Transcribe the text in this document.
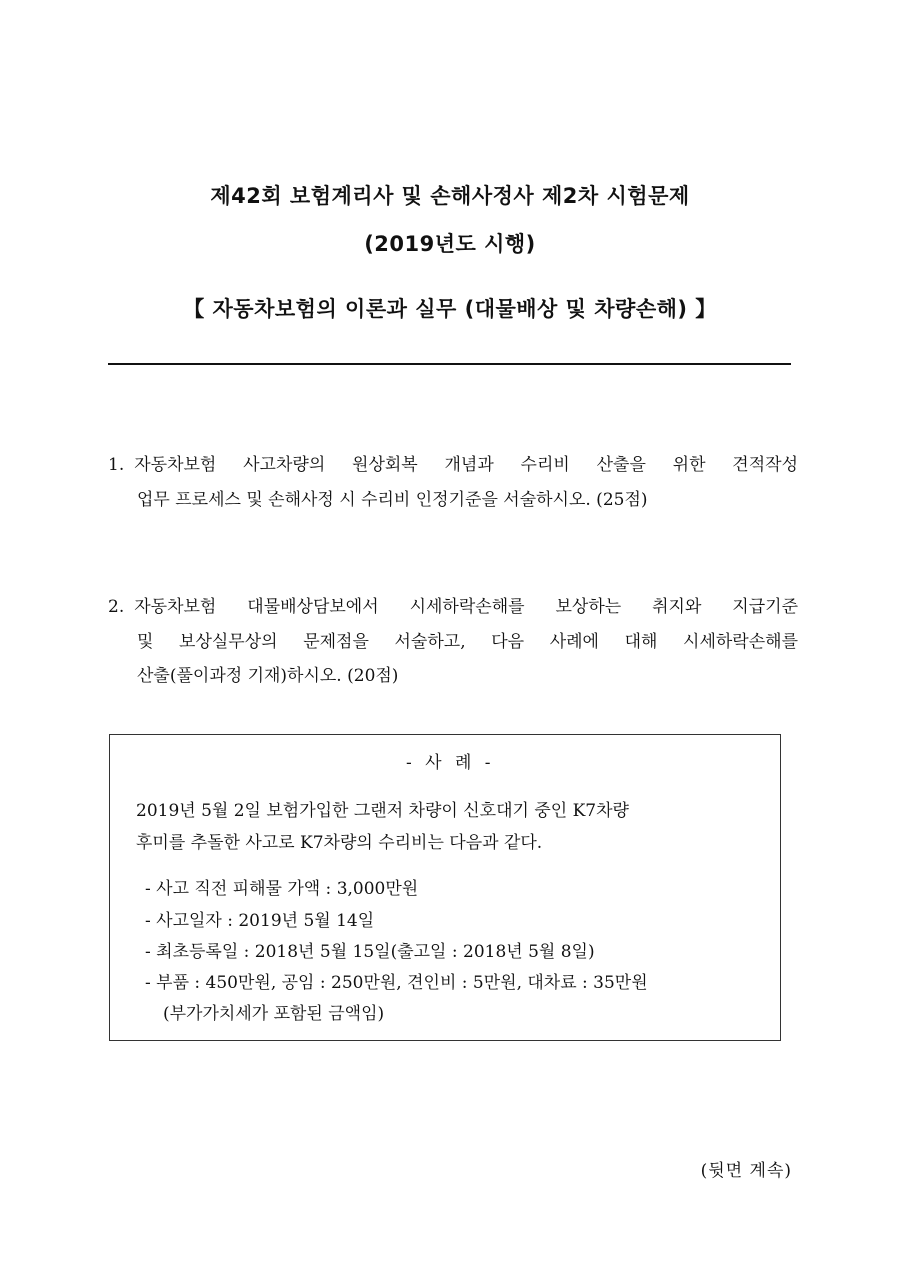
제42회 보험계리사 및 손해사정사 제2차 시험문제
(2019년도 시행)
【 자동차보험의 이론과 실무 (대물배상 및 차량손해) 】
1. 자동차보험 사고차량의 원상회복 개념과 수리비 산출을 위한 견적작성
업무 프로세스 및 손해사정 시 수리비 인정기준을 서술하시오. (25점)
2. 자동차보험 대물배상담보에서 시세하락손해를 보상하는 취지와 지급기준
및 보상실무상의 문제점을 서술하고, 다음 사례에 대해 시세하락손해를
산출(풀이과정 기재)하시오. (20점)
- 사 례 -
2019년 5월 2일 보험가입한 그랜저 차량이 신호대기 중인 K7차량
후미를 추돌한 사고로 K7차량의 수리비는 다음과 같다.
- 사고 직전 피해물 가액 : 3,000만원
- 사고일자 : 2019년 5월 14일
- 최초등록일 : 2018년 5월 15일(출고일 : 2018년 5월 8일)
- 부품 : 450만원, 공임 : 250만원, 견인비 : 5만원, 대차료 : 35만원
(부가가치세가 포함된 금액임)
(뒷면 계속)
